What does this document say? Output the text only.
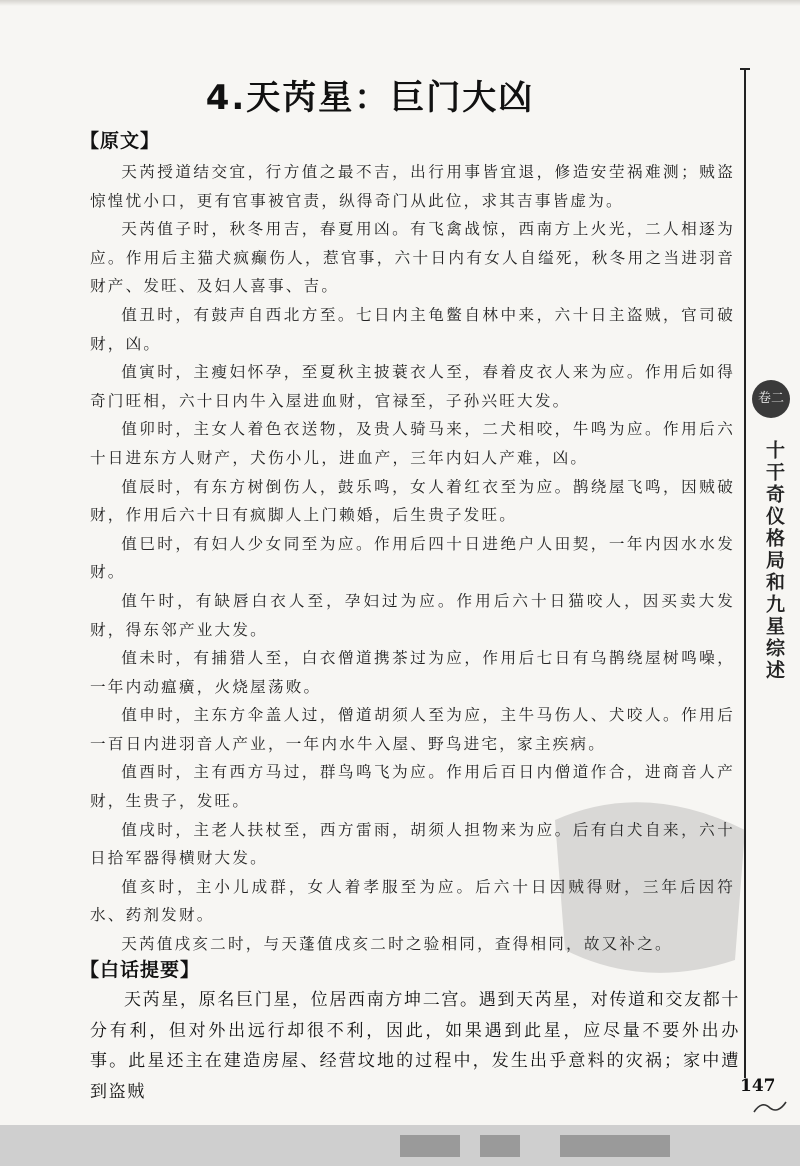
4.天芮星：巨门大凶
【原文】

天芮授道结交宜，行方值之最不吉，出行用事皆宜退，修造安茔祸难测；贼盗惊惶忧小口，更有官事被官责，纵得奇门从此位，求其吉事皆虚为。

天芮值子时，秋冬用吉，春夏用凶。有飞禽战惊，西南方上火光，二人相逐为应。作用后主猫犬疯癫伤人，惹官事，六十日内有女人自缢死，秋冬用之当进羽音财产、发旺、及妇人喜事、吉。

值丑时，有鼓声自西北方至。七日内主龟鳖自林中来，六十日主盗贼，官司破财，凶。

值寅时，主瘦妇怀孕，至夏秋主披蓑衣人至，春着皮衣人来为应。作用后如得奇门旺相，六十日内牛入屋进血财，官禄至，子孙兴旺大发。

值卯时，主女人着色衣送物，及贵人骑马来，二犬相咬，牛鸣为应。作用后六十日进东方人财产，犬伤小儿，进血产，三年内妇人产难，凶。

值辰时，有东方树倒伤人，鼓乐鸣，女人着红衣至为应。鹊绕屋飞鸣，因贼破财，作用后六十日有疯脚人上门赖婚，后生贵子发旺。

值巳时，有妇人少女同至为应。作用后四十日进绝户人田契，一年内因水水发财。

值午时，有缺唇白衣人至，孕妇过为应。作用后六十日猫咬人，因买卖大发财，得东邻产业大发。

值未时，有捕猎人至，白衣僧道携茶过为应，作用后七日有乌鹊绕屋树鸣噪，一年内动瘟癀，火烧屋荡败。

值申时，主东方伞盖人过，僧道胡须人至为应，主牛马伤人、犬咬人。作用后一百日内进羽音人产业，一年内水牛入屋、野鸟进宅，家主疾病。

值酉时，主有西方马过，群鸟鸣飞为应。作用后百日内僧道作合，进商音人产财，生贵子，发旺。

值戌时，主老人扶杖至，西方雷雨，胡须人担物来为应。后有白犬自来，六十日拾军器得横财大发。

值亥时，主小儿成群，女人着孝服至为应。后六十日因贼得财，三年后因符水、药剂发财。

天芮值戌亥二时，与天蓬值戌亥二时之验相同，查得相同，故又补之。

【白话提要】

天芮星，原名巨门星，位居西南方坤二宫。遇到天芮星，对传道和交友都十分有利，但对外出远行却很不利，因此，如果遇到此星，应尽量不要外出办事。此星还主在建造房屋、经营坟地的过程中，发生出乎意料的灾祸；家中遭到盗贼

卷二
十干奇仪格局和九星综述
147
